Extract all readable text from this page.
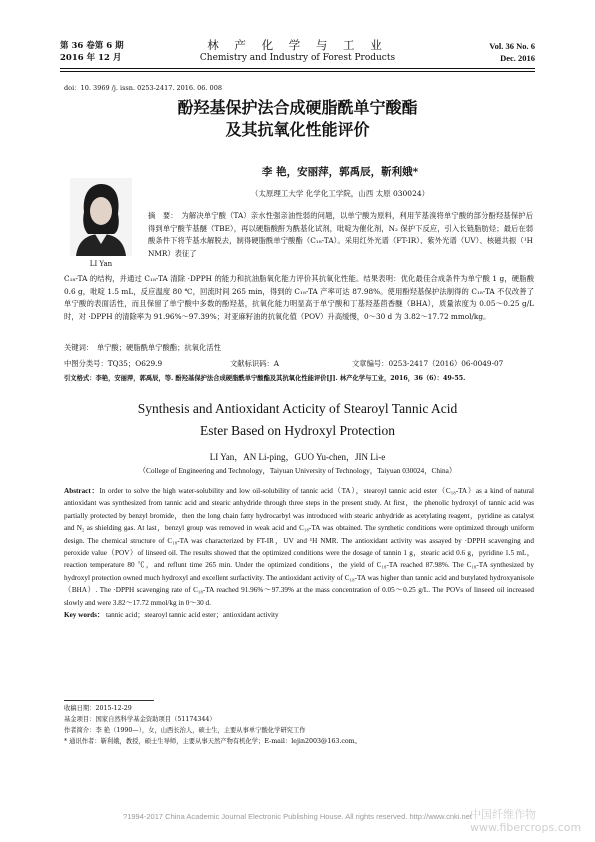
第 36 卷第 6 期
2016 年 12 月
林 产 化 学 与 工 业
Chemistry and Industry of Forest Products
Vol. 36 No. 6
Dec. 2016
doi：10. 3969 /j. issn. 0253-2417. 2016. 06. 008
酚羟基保护法合成硬脂酰单宁酸酯
及其抗氧化性能评价
LI Yan
李 艳，安丽萍，郭禹辰，靳利娥*
（太原理工大学 化学化工学院，山西 太原 030024）
摘　要：　为解决单宁酸（TA）亲水性强亲油性弱的问题，以单宁酸为原料，利用苄基溴将单宁酸的部分酚羟基保护后得到单宁酸苄基醚（TBE），再以硬脂酸酐为酰基化试剂，吡啶为催化剂，N₂ 保护下反应，引入长链脂肪烃；最后在弱酸条件下将苄基水解脱去，制得硬脂酰单宁酸酯（C₁₈-TA）。采用红外光谱（FT-IR）、紫外光谱（UV）、核磁共振（¹H NMR）表征了
C₁₈-TA 的结构，并通过 C₁₈-TA 清除 ·DPPH 的能力和抗油脂氧化能力评价其抗氧化性能。结果表明：优化最佳合成条件为单宁酸 1 g，硬脂酸 0.6 g，吡啶 1.5 mL，反应温度 80 ℃，回流时间 265 min，得到的 C₁₈-TA 产率可达 87.98%。使用酚羟基保护法制得的 C₁₈-TA 不仅改善了单宁酸的表面活性，而且保留了单宁酸中多数的酚羟基，抗氧化能力明显高于单宁酸和丁基羟基茴香醚（BHA），质量浓度为 0.05～0.25 g/L 时，对 ·DPPH 的清除率为 91.96%～97.39%；对亚麻籽油的抗氧化值（POV）升高缓慢，0～30 d 为 3.82～17.72 mmol/kg。
关键词：　单宁酸；硬脂酰单宁酸酯；抗氧化活性
中图分类号：TQ35；O629.9	文献标识码：A	文章编号：0253-2417（2016）06-0049-07
引文格式：李艳，安丽萍，郭禹辰，等. 酚羟基保护法合成硬脂酰单宁酸酯及其抗氧化性能评价[J]. 林产化学与工业，2016，36（6）：49-55.
Synthesis and Antioxidant Acticity of Stearoyl Tannic Acid
Ester Based on Hydroxyl Protection
LI Yan，AN Li-ping，GUO Yu-chen，JIN Li-e
（College of Engineering and Technology，Taiyuan University of Technology，Taiyuan 030024，China）
Abstract：In order to solve the high water-solubility and low oil-solubility of tannic acid（TA），stearoyl tannic acid ester（C₁₈-TA）as a kind of natural antioxidant was synthesized from tannic acid and stearic anhydride through three steps in the present study. At first，the phenolic hydroxyl of tannic acid was partially protected by benzyl bromide，then the long chain fatty hydrocarbyl was introduced with stearic anhydride as acetylating reagent，pyridine as catalyst and N₂ as shielding gas. At last，benzyl group was removed in weak acid and C₁₈-TA was obtained. The synthetic conditions were optimized through uniform design. The chemical structure of C₁₈-TA was characterized by FT-IR，UV and ¹H NMR. The antioxidant activity was assayed by ·DPPH scavenging and peroxide value（POV）of linseed oil. The results showed that the optimized conditions were the dosage of tannin 1 g，stearic acid 0.6 g，pyridine 1.5 mL，reaction temperature 80 ℃，and reflunt time 265 min. Under the optimized conditions，the yield of C₁₈-TA reached 87.98%. The C₁₈-TA synthesized by hydroxyl protection owned much hydroxyl and excellent surfactivity. The antioxidant activity of C₁₈-TA was higher than tannic acid and butylated hydroxyanisole（BHA）. The ·DPPH scavenging rate of C₁₈-TA reached 91.96%～97.39% at the mass concentration of 0.05～0.25 g/L. The POVs of linseed oil increased slowly and were 3.82～17.72 mmol/kg in 0～30 d.
Key words： tannic acid；stearoyl tannic acid ester；antioxidant activity
收稿日期：2015-12-29
基金项目：国家自然科学基金资助项目（51174344）
作者简介：李 艳（1990—），女，山西长治人，硕士生，主要从事单宁酸化学研究工作
* 通讯作者：靳利娥，教授，硕士生导师，主要从事天然产物有机化学；E-mail：lejin2003@163.com。
?1994-2017 China Academic Journal Electronic Publishing House. All rights reserved. http://www.cnki.net
中国纤维作物
www.fibercrops.com
